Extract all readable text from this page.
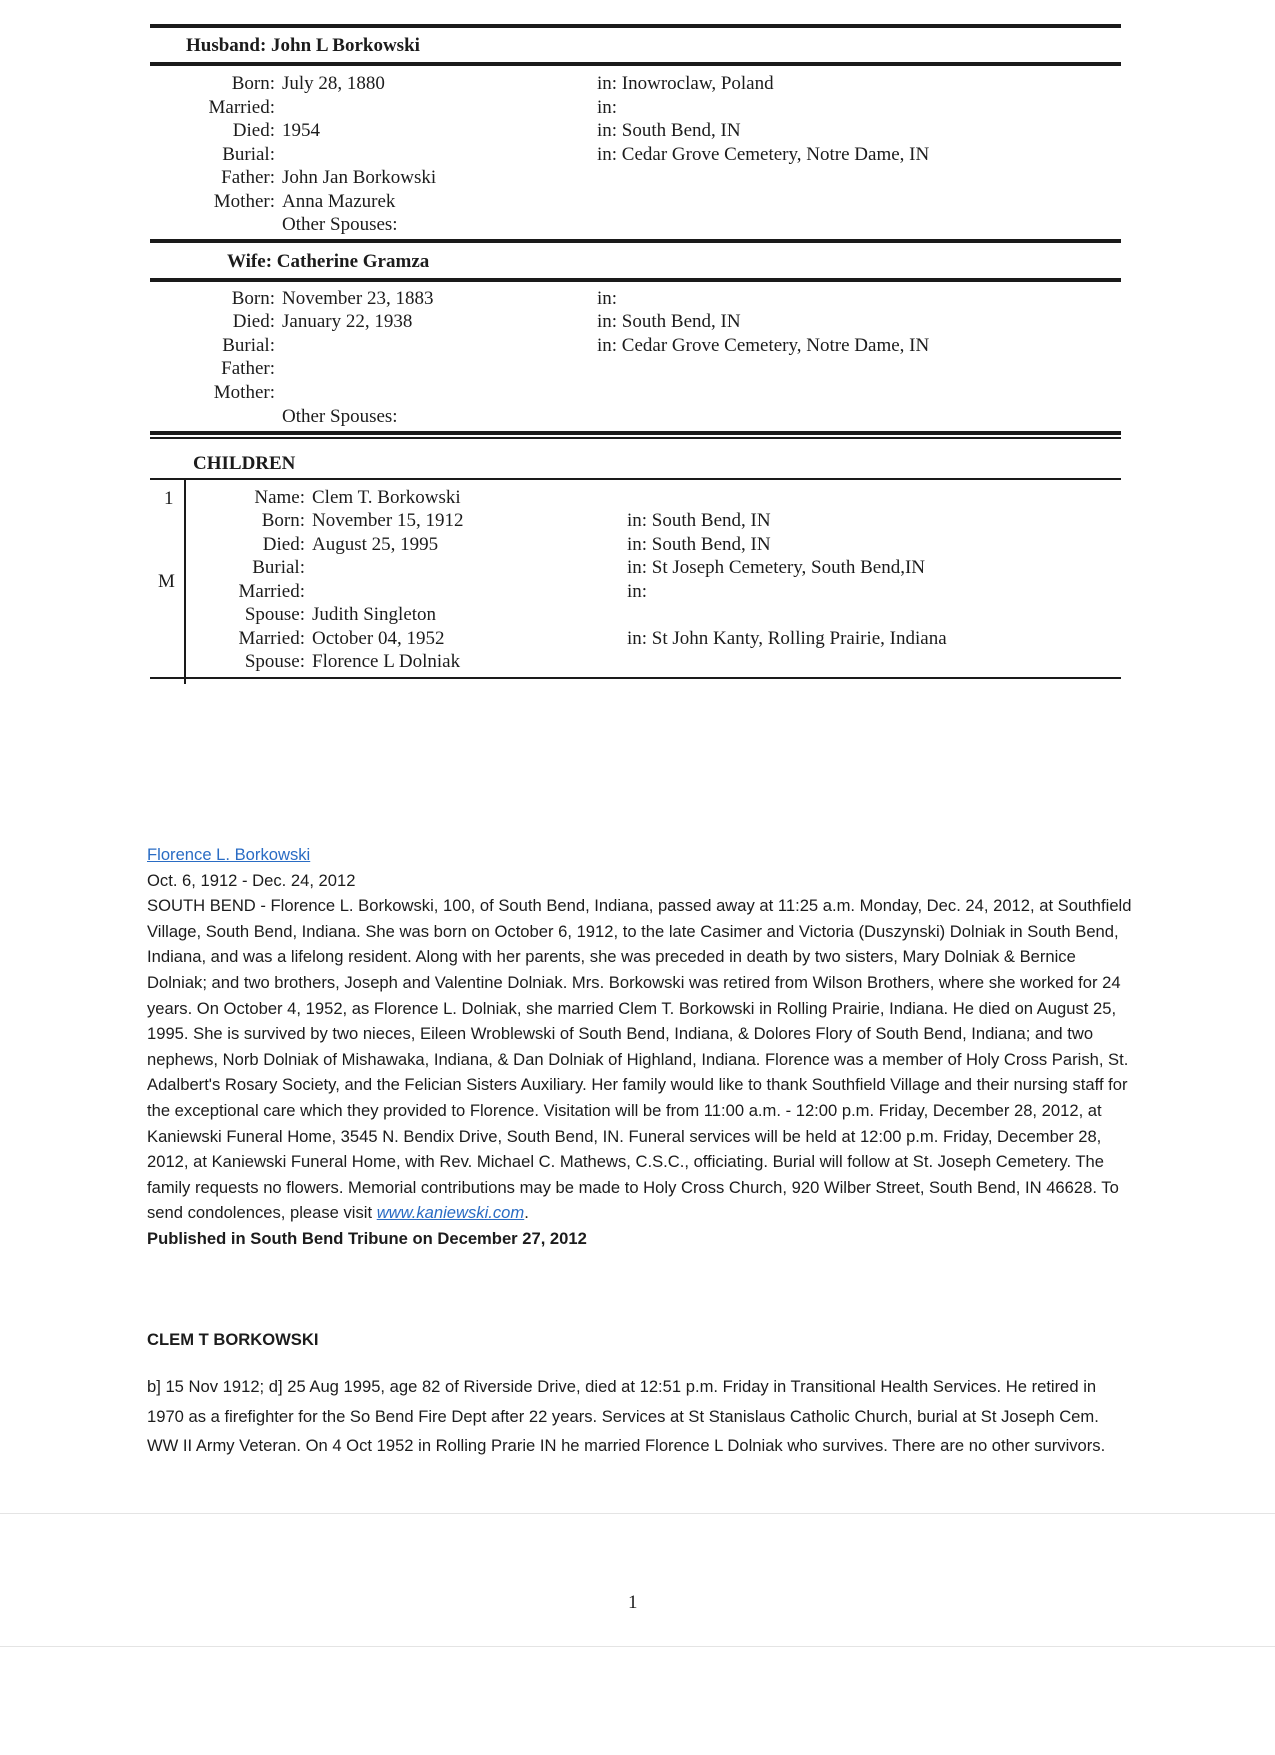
Husband: John L Borkowski
Born: July 28, 1880	in: Inowroclaw, Poland
Married:	in:
Died: 1954	in: South Bend, IN
Burial:	in: Cedar Grove Cemetery, Notre Dame, IN
Father: John Jan Borkowski
Mother: Anna Mazurek
Other Spouses:
Wife: Catherine Gramza
Born: November 23, 1883	in:
Died: January 22, 1938	in: South Bend, IN
Burial:	in: Cedar Grove Cemetery, Notre Dame, IN
Father:
Mother:
Other Spouses:
CHILDREN
1
M
Name: Clem T. Borkowski
Born: November 15, 1912	in: South Bend, IN
Died: August 25, 1995	in: South Bend, IN
Burial:	in: St Joseph Cemetery, South Bend,IN
Married:	in:
Spouse: Judith Singleton
Married: October 04, 1952	in: St John Kanty, Rolling Prairie, Indiana
Spouse: Florence L Dolniak

Florence L. Borkowski

Oct. 6, 1912 - Dec. 24, 2012

SOUTH BEND - Florence L. Borkowski, 100, of South Bend, Indiana, passed away at 11:25 a.m. Monday, Dec. 24, 2012, at Southfield Village, South Bend, Indiana. She was born on October 6, 1912, to the late Casimer and Victoria (Duszynski) Dolniak in South Bend, Indiana, and was a lifelong resident. Along with her parents, she was preceded in death by two sisters, Mary Dolniak & Bernice Dolniak; and two brothers, Joseph and Valentine Dolniak. Mrs. Borkowski was retired from Wilson Brothers, where she worked for 24 years. On October 4, 1952, as Florence L. Dolniak, she married Clem T. Borkowski in Rolling Prairie, Indiana. He died on August 25, 1995. She is survived by two nieces, Eileen Wroblewski of South Bend, Indiana, & Dolores Flory of South Bend, Indiana; and two nephews, Norb Dolniak of Mishawaka, Indiana, & Dan Dolniak of Highland, Indiana. Florence was a member of Holy Cross Parish, St. Adalbert's Rosary Society, and the Felician Sisters Auxiliary. Her family would like to thank Southfield Village and their nursing staff for the exceptional care which they provided to Florence. Visitation will be from 11:00 a.m. - 12:00 p.m. Friday, December 28, 2012, at Kaniewski Funeral Home, 3545 N. Bendix Drive, South Bend, IN. Funeral services will be held at 12:00 p.m. Friday, December 28, 2012, at Kaniewski Funeral Home, with Rev. Michael C. Mathews, C.S.C., officiating. Burial will follow at St. Joseph Cemetery. The family requests no flowers. Memorial contributions may be made to Holy Cross Church, 920 Wilber Street, South Bend, IN 46628. To send condolences, please visit www.kaniewski.com.

Published in South Bend Tribune on December 27, 2012

CLEM T BORKOWSKI

b] 15 Nov 1912; d] 25 Aug 1995, age 82 of Riverside Drive, died at 12:51 p.m. Friday in Transitional Health Services. He retired in 1970 as a firefighter for the So Bend Fire Dept after 22 years. Services at St Stanislaus Catholic Church, burial at St Joseph Cem. WW II Army Veteran. On 4 Oct 1952 in Rolling Prarie IN he married Florence L Dolniak who survives. There are no other survivors.

1
